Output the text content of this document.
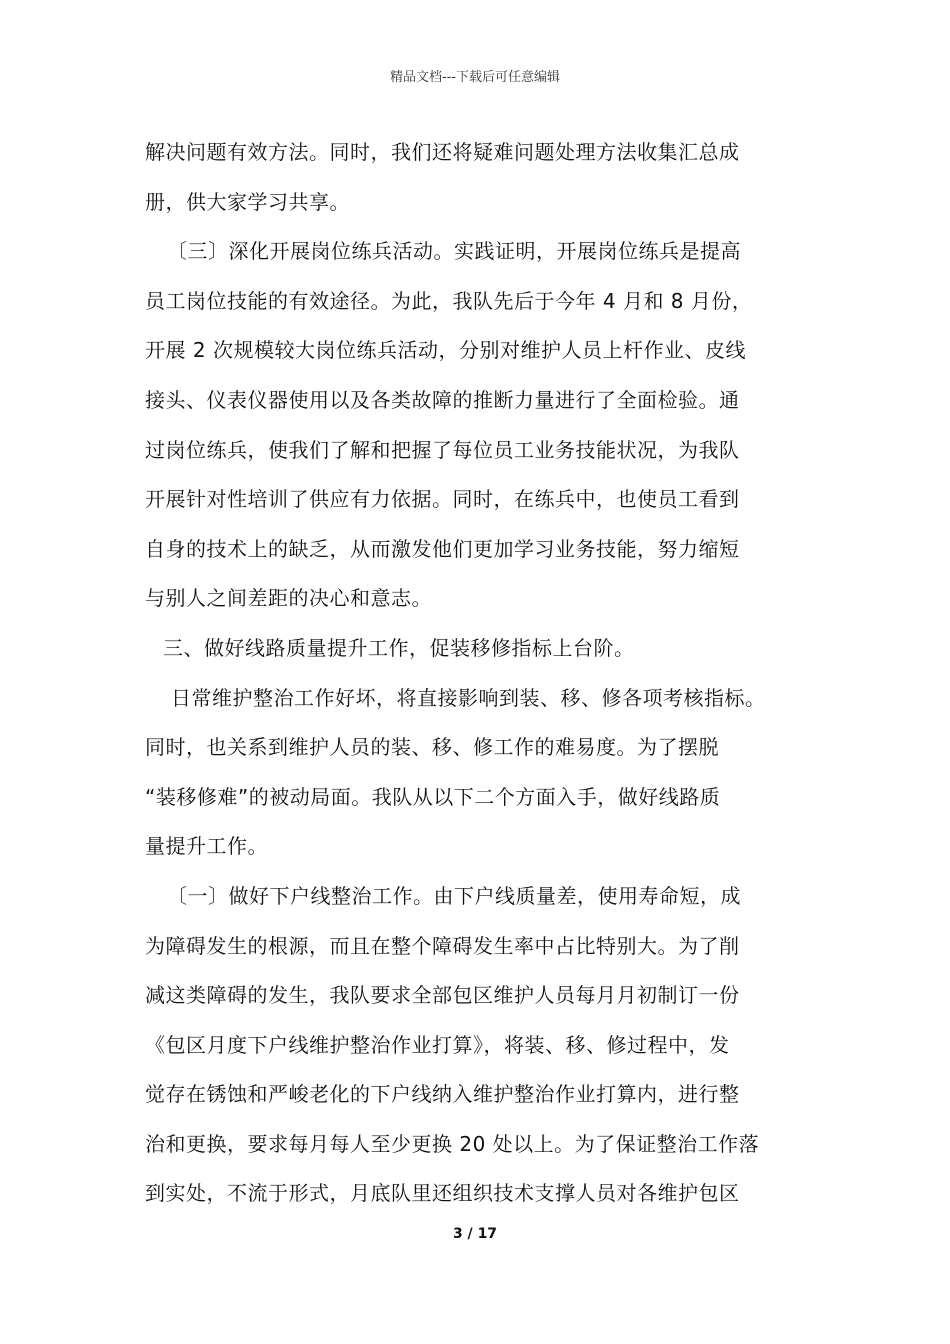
精品文档---下载后可任意编辑
解决问题有效方法。同时，我们还将疑难问题处理方法收集汇总成
册，供大家学习共享。
〔三〕深化开展岗位练兵活动。实践证明，开展岗位练兵是提高
员工岗位技能的有效途径。为此，我队先后于今年 4 月和 8 月份，
开展 2 次规模较大岗位练兵活动，分别对维护人员上杆作业、皮线
接头、仪表仪器使用以及各类故障的推断力量进行了全面检验。通
过岗位练兵，使我们了解和把握了每位员工业务技能状况，为我队
开展针对性培训了供应有力依据。同时，在练兵中，也使员工看到
自身的技术上的缺乏，从而激发他们更加学习业务技能，努力缩短
与别人之间差距的决心和意志。
三、做好线路质量提升工作，促装移修指标上台阶。
日常维护整治工作好坏，将直接影响到装、移、修各项考核指标。
同时，也关系到维护人员的装、移、修工作的难易度。为了摆脱
“装移修难”的被动局面。我队从以下二个方面入手，做好线路质
量提升工作。
〔一〕做好下户线整治工作。由下户线质量差，使用寿命短，成
为障碍发生的根源，而且在整个障碍发生率中占比特别大。为了削
减这类障碍的发生，我队要求全部包区维护人员每月月初制订一份
《包区月度下户线维护整治作业打算》，将装、移、修过程中，发
觉存在锈蚀和严峻老化的下户线纳入维护整治作业打算内，进行整
治和更换，要求每月每人至少更换 20 处以上。为了保证整治工作落
到实处，不流于形式，月底队里还组织技术支撑人员对各维护包区
3 / 17
